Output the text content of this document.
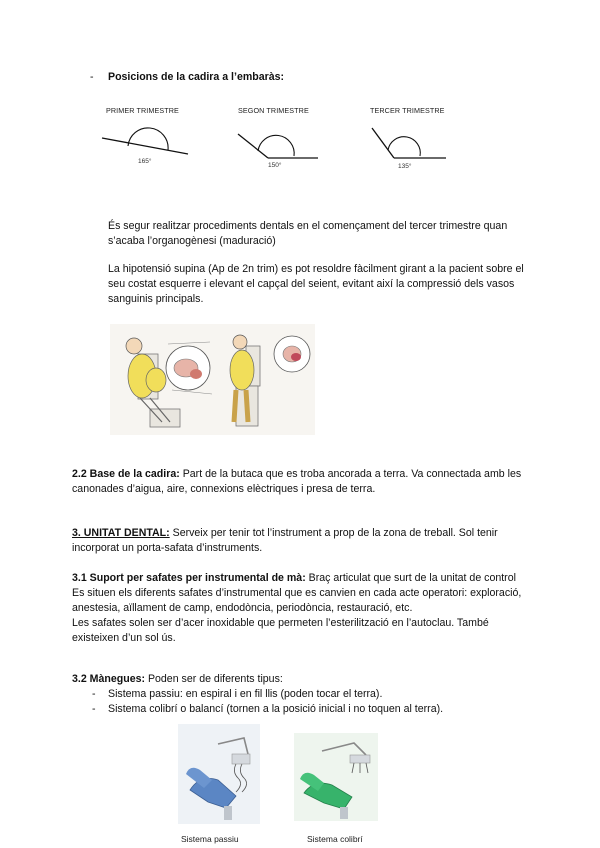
- Posicions de la cadira a l’embaràs:
PRIMER TRIMESTRE
165°
SEGON TRIMESTRE
150°
TERCER TRIMESTRE
135°
És segur realitzar procediments dentals en el començament del tercer trimestre quan s’acaba l’organogènesi (maduració)
La hipotensió supina (Ap de 2n trim) es pot resoldre fàcilment girant a la pacient sobre el seu costat esquerre i elevant el capçal del seient, evitant així la compressió dels vasos sanguinis principals.
2.2 Base de la cadira: Part de la butaca que es troba ancorada a terra. Va connectada amb les canonades d’aigua, aire, connexions elèctriques i presa de terra.
3. UNITAT DENTAL: Serveix per tenir tot l’instrument a prop de la zona de treball. Sol tenir incorporat un porta-safata d’instruments.
3.1 Suport per safates per instrumental de mà: Braç articulat que surt de la unitat de control
Es situen els diferents safates d’instrumental que es canvien en cada acte operatori: exploració, anestesia, aïllament de camp, endodòncia, periodòncia, restauració, etc.
Les safates solen ser d’acer inoxidable que permeten l’esterilització en l’autoclau. També existeixen d’un sol ús.
3.2 Mànegues: Poden ser de diferents tipus:
- Sistema passiu: en espiral i en fil llis (poden tocar el terra).
- Sistema colibrí o balancí (tornen a la posició inicial i no toquen al terra).
Sistema passiu	Sistema colibrí
